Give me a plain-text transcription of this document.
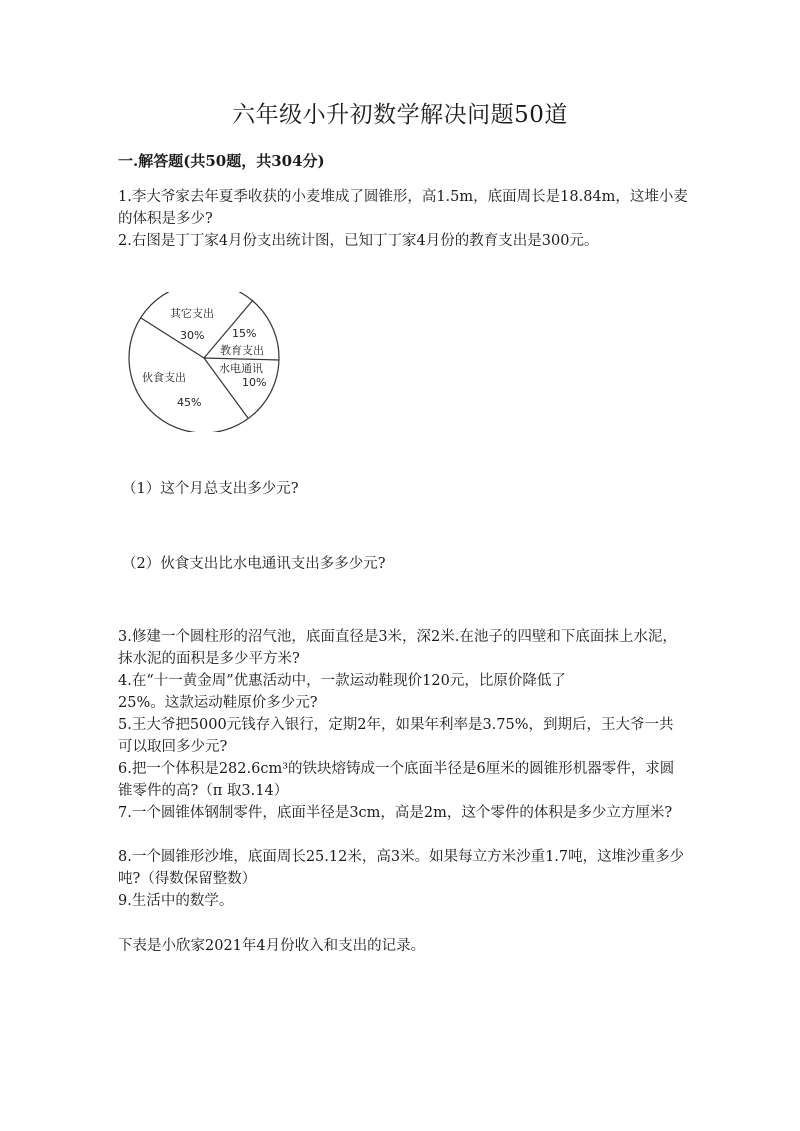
六年级小升初数学解决问题50道
一.解答题(共50题，共304分)
1.李大爷家去年夏季收获的小麦堆成了圆锥形，高1.5m，底面周长是18.84m，这堆小麦的体积是多少?
2.右图是丁丁家4月份支出统计图，已知丁丁家4月份的教育支出是300元。
其它支出
30%	15%
教育支出
水电通讯
10%
伙食支出
45%
（1）这个月总支出多少元?
（2）伙食支出比水电通讯支出多多少元?
3.修建一个圆柱形的沼气池，底面直径是3米，深2米.在池子的四壁和下底面抹上水泥，抹水泥的面积是多少平方米?
4.在“十一黄金周”优惠活动中，一款运动鞋现价120元，比原价降低了
25%。这款运动鞋原价多少元?
5.王大爷把5000元钱存入银行，定期2年，如果年利率是3.75%，到期后，王大爷一共可以取回多少元?
6.把一个体积是282.6cm³的铁块熔铸成一个底面半径是6厘米的圆锥形机器零件，求圆锥零件的高?（π 取3.14）
7.一个圆锥体钢制零件，底面半径是3cm，高是2m，这个零件的体积是多少立方厘米?
8.一个圆锥形沙堆，底面周长25.12米，高3米。如果每立方米沙重1.7吨，这堆沙重多少吨?（得数保留整数）
9.生活中的数学。
下表是小欣家2021年4月份收入和支出的记录。
